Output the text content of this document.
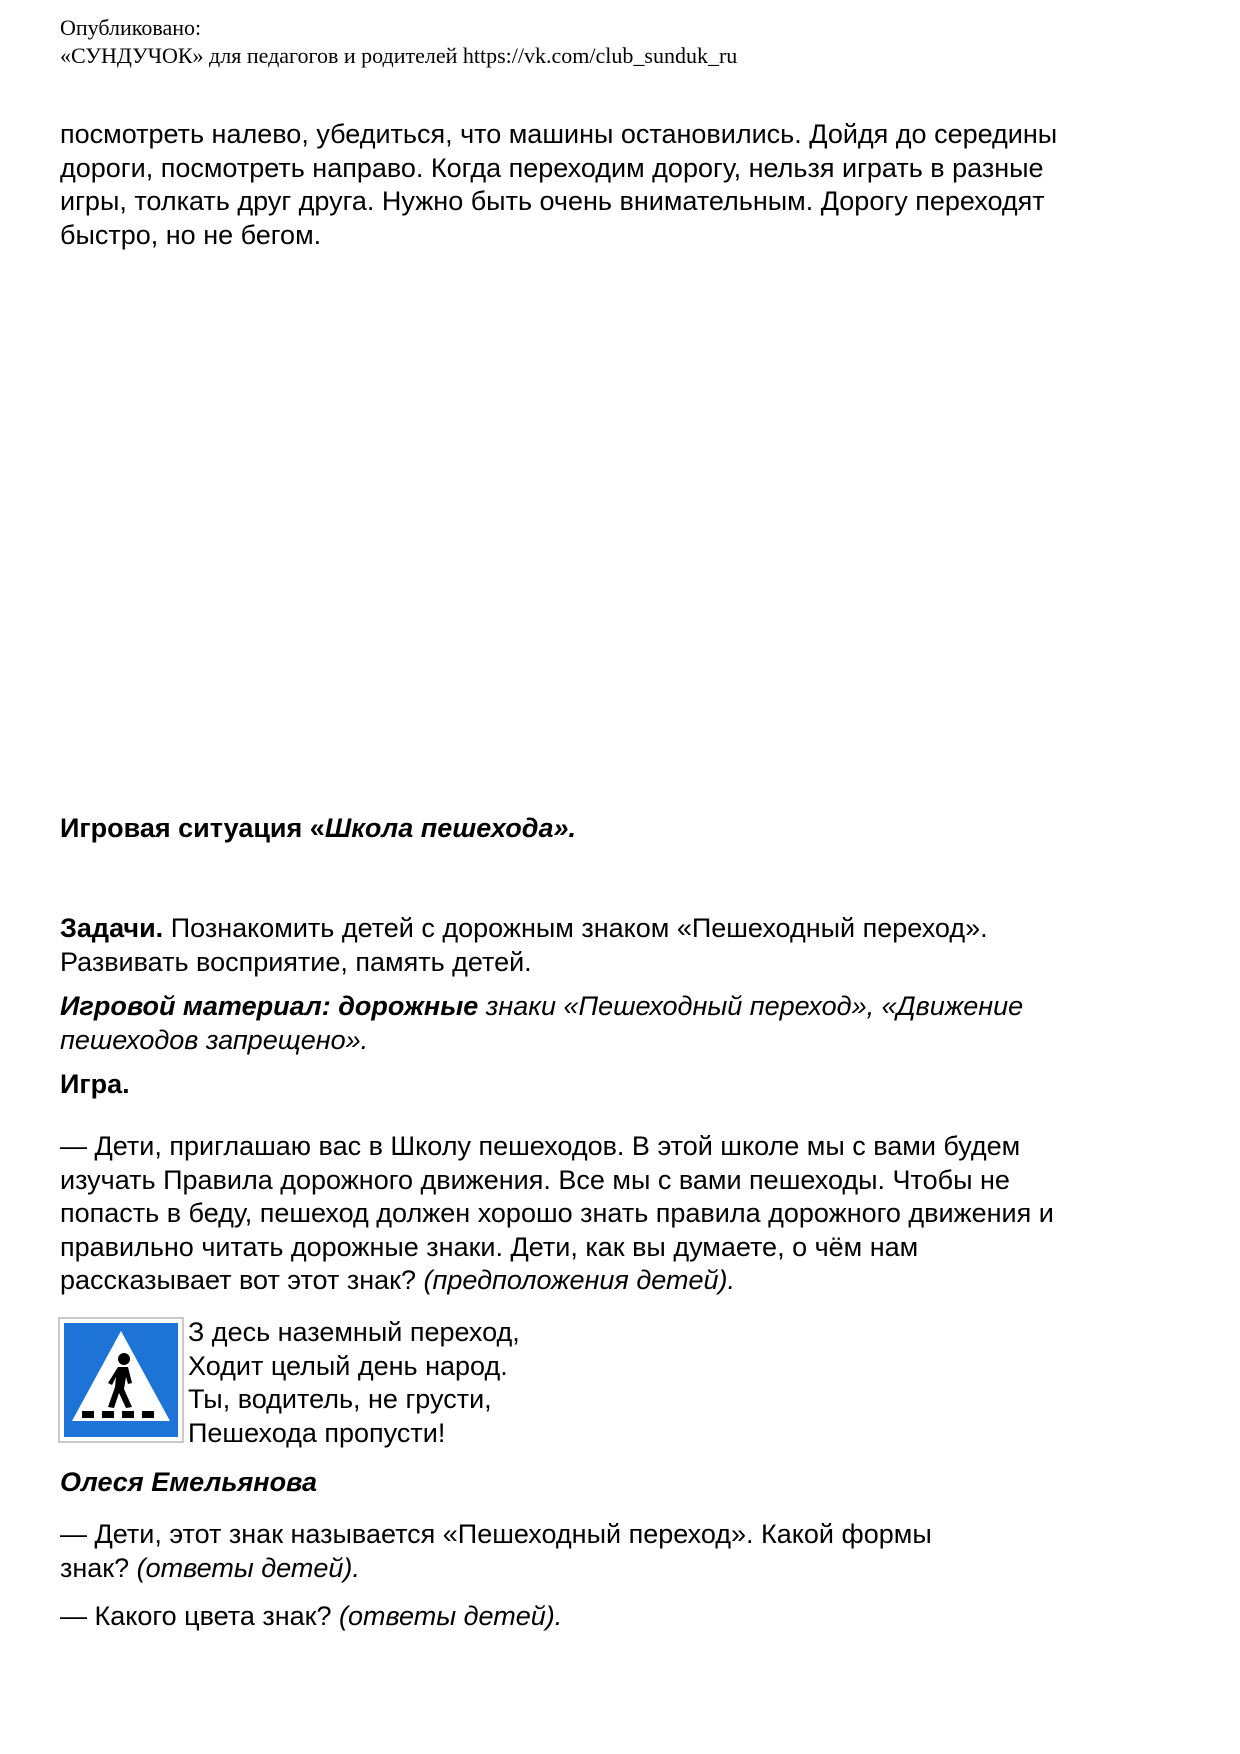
Опубликовано:
«СУНДУЧОК» для педагогов и родителей https://vk.com/club_sunduk_ru
посмотреть налево, убедиться, что машины остановились. Дойдя до середины
дороги, посмотреть направо. Когда переходим дорогу, нельзя играть в разные
игры, толкать друг друга. Нужно быть очень внимательным. Дорогу переходят
быстро, но не бегом.
Игровая ситуация «Школа пешехода».
Задачи. Познакомить детей с дорожным знаком «Пешеходный переход».
Развивать восприятие, память детей.
Игровой материал: дорожные знаки «Пешеходный переход», «Движение
пешеходов запрещено».
Игра.
— Дети, приглашаю вас в Школу пешеходов. В этой школе мы с вами будем
изучать Правила дорожного движения. Все мы с вами пешеходы. Чтобы не
попасть в беду, пешеход должен хорошо знать правила дорожного движения и
правильно читать дорожные знаки. Дети, как вы думаете, о чём нам
рассказывает вот этот знак? (предположения детей).
З десь наземный переход,
Ходит целый день народ.
Ты, водитель, не грусти,
Пешехода пропусти!
Олеся Емельянова
— Дети, этот знак называется «Пешеходный переход». Какой формы
знак? (ответы детей).
— Какого цвета знак? (ответы детей).
